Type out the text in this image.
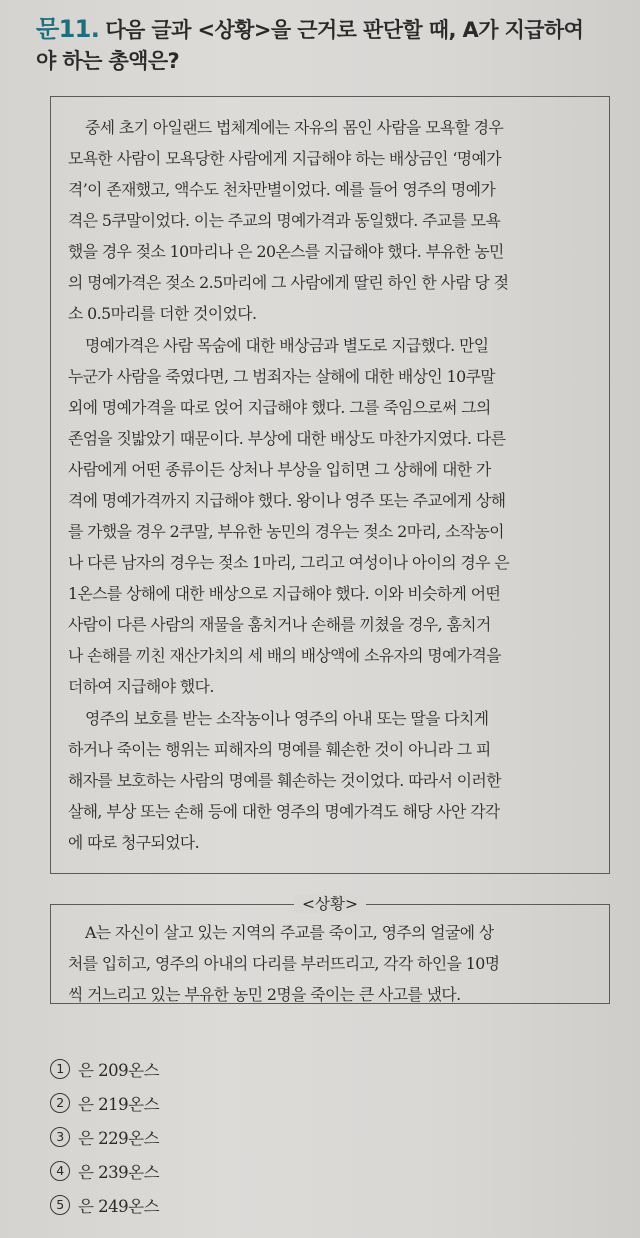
문11. 다음 글과 <상황>을 근거로 판단할 때, A가 지급하여
야 하는 총액은?

중세 초기 아일랜드 법체계에는 자유의 몸인 사람을 모욕할 경우

모욕한 사람이 모욕당한 사람에게 지급해야 하는 배상금인 ‘명예가

격’이 존재했고, 액수도 천차만별이었다. 예를 들어 영주의 명예가

격은 5쿠말이었다. 이는 주교의 명예가격과 동일했다. 주교를 모욕

했을 경우 젖소 10마리나 은 20온스를 지급해야 했다. 부유한 농민

의 명예가격은 젖소 2.5마리에 그 사람에게 딸린 하인 한 사람 당 젖

소 0.5마리를 더한 것이었다.

명예가격은 사람 목숨에 대한 배상금과 별도로 지급했다. 만일

누군가 사람을 죽였다면, 그 범죄자는 살해에 대한 배상인 10쿠말

외에 명예가격을 따로 얹어 지급해야 했다. 그를 죽임으로써 그의

존엄을 짓밟았기 때문이다. 부상에 대한 배상도 마찬가지였다. 다른

사람에게 어떤 종류이든 상처나 부상을 입히면 그 상해에 대한 가

격에 명예가격까지 지급해야 했다. 왕이나 영주 또는 주교에게 상해

를 가했을 경우 2쿠말, 부유한 농민의 경우는 젖소 2마리, 소작농이

나 다른 남자의 경우는 젖소 1마리, 그리고 여성이나 아이의 경우 은

1온스를 상해에 대한 배상으로 지급해야 했다. 이와 비슷하게 어떤

사람이 다른 사람의 재물을 훔치거나 손해를 끼쳤을 경우, 훔치거

나 손해를 끼친 재산가치의 세 배의 배상액에 소유자의 명예가격을

더하여 지급해야 했다.

영주의 보호를 받는 소작농이나 영주의 아내 또는 딸을 다치게

하거나 죽이는 행위는 피해자의 명예를 훼손한 것이 아니라 그 피

해자를 보호하는 사람의 명예를 훼손하는 것이었다. 따라서 이러한

살해, 부상 또는 손해 등에 대한 영주의 명예가격도 해당 사안 각각

에 따로 청구되었다.

<상황>

A는 자신이 살고 있는 지역의 주교를 죽이고, 영주의 얼굴에 상

처를 입히고, 영주의 아내의 다리를 부러뜨리고, 각각 하인을 10명

씩 거느리고 있는 부유한 농민 2명을 죽이는 큰 사고를 냈다.

1 은 209온스
2 은 219온스
3 은 229온스
4 은 239온스
5 은 249온스
